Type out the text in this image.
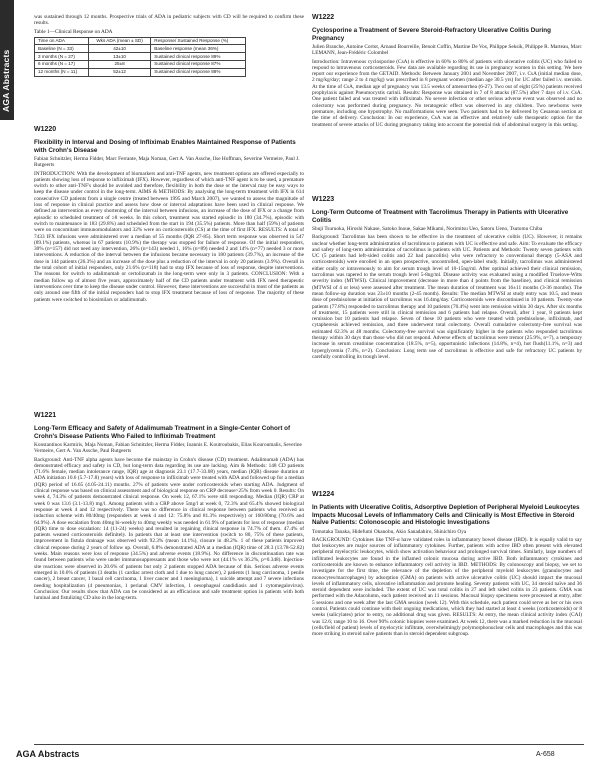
AGA Abstracts

was sustained through 12 months. Prospective trials of ADA in pediatric subjects with CD will be required to confirm these results.

Table 1—Clinical Response on ADA

Time on ADA	Wks ADA (mean ± SD)	Response/ Sustained Response (%)
Baseline (N = 33)	42±10	Baseline response (mean 36%)
3 months (N = 27)	13±10	Sustained clinical response 89%
6 months (N = 17)	25±8	Sustained clinical response 87%
12 months (N = 11)	52±12	Sustained clinical response 88%

W1220

Flexibility in Interval and Dosing of Infliximab Enables Maintained Response of Patients with Crohn's Disease

Fabian Schnitzler, Herma Fidder, Marc Ferrante, Maja Noman, Gert A. Van Assche, Ilse Hoffman, Severine Vermeire, Paul J. Rutgeerts

INTRODUCTION: With the development of biomarkers and anti-TNF agents, new treatment options are offered especially to patients showing loss of response to infliximab (IFX). However, regardless of which anti-TNF agent is to be used, a premature switch to other anti-TNF's should be avoided and therefore, flexibility in both the dose or the interval may be easy ways to keep the disease under control in the long-term. AIMS & METHODS: By analysing the long-term treatment with IFX in 614 consecutive CD patients from a single centre (treated between 1995 and March 2007), we wanted to assess the magnitude of loss of response in clinical practice and assess how dose or interval adaptations have been used in clinical response. We defined an intervention as every shortening of the interval between infusions, an increase of the dose of IFX or a change from episodic to scheduled treatment of ≥8 weeks. In this cohort, treatment was started episodic in 180 (34.7%), episodic with switch to maintenance in 183 (29.8%) and scheduled from the start in 194 (35.5%) patients. More than half (59%) of patients were on concomitant immunomodulators and 32% were on corticosteroids (CS) at the time of first IFX. RESULTS: A total of 7433 IFX infusions were administered over a median of 55 months (IQR 27-85). Short term response was observed in 547 (89.1%) patients, whereas in 67 patients (10.9%) the therapy was stopped for failure of response. Of the initial responders, 30% (n=157) did not need any intervention, 26% (n=143) needed 1, 16% (n=89) needed 2 and 14% (n=77) needed 3 or more interventions. A reduction of the interval between the infusions became necessary in 180 patients (39.7%), an increase of the dose in 144 patients (26.3%) and an increase of the dose plus a reduction of the interval in only 20 patients (3.9%). Overall in the total cohort of initial responders, only 21.6% (n=118) had to stop IFX because of loss of response, despite interventions. The reasons for switch to adalimumab or certolizumab in the long-term were only in 3 patients. CONCLUSION: With a median follow up of almost five years, approximately half of the CD patients under treatment with IFX need therapeutic interventions over time to keep the disease under control. However, these interventions are successful in most of the patients as only around one fifth of the initial responders had to stop IFX treatment because of loss of response. The majority of these patients were switched to biosimilars or adalimumab.

W1221

Long-Term Efficacy and Safety of Adalimumab Treatment in a Single-Center Cohort of Crohn's Disease Patients Who Failed to Infliximab Treatment

Konstantinos Karmiris, Maja Noman, Fabian Schnitzler, Herma Fidder, Ioannis E. Koutroubakis, Elias Kouroumalis, Severine Vermeire, Gert A. Van Assche, Paul Rutgeerts

Background: Anti-TNF alpha agents have become the mainstay in Crohn's disease (CD) treatment. Adalimumab (ADA) has demonstrated efficacy and safety in CD, but long-term data regarding its use are lacking. Aim & Methods: 148 CD patients (71.6% female, median intolerance range, IQR) age at diagnosis 23.1 (17.7-33.08) years, median (IQR) disease duration at ADA initiation 10.6 (5.7-17.8) years) with loss of response to infliximab were treated with ADA and followed up for a median (IQR) period of 16.65 (4.05-24.11) months. 27% of patients were under corticosteroids when starting ADA. Judgment of clinical response was based on clinical assessment and of biological response on CRP decrease>25% from week 0. Results: On week 4, 74.3% of patients demonstrated clinical response. On week 12, 67.1% were still responding. Median (IQR) CRP at week 0 was 13.6 (3.1-13.8) mg/l. Among patients with a CRP above 5mg/l at week 0, 72.3% and 65.4% showed biological response at week 4 and 12 respectively. There was no difference in clinical response between patients who received an induction scheme with 80/40mg (responders at week 4 and 12: 75.8% and 81.3% respectively) or 160/80mg (70.6% and 64.9%). A dose escalation from 40mg bi-weekly to 40mg weekly was needed in 61.9% of patients for loss of response (median (IQR) time to dose escalation: 14 (11-24) weeks) and resulted in regaining clinical response in 74.7% of them. 47.4% of patients weaned corticosteroids definitely. In patients that at least one intervention (switch to 80, 75% of these patients, improvement in fistula drainage was observed with 92.3% (mean 14.1%), closure in 48.2%. 1 of these patients improved clinical response during 2 years of follow up. Overall, 6.8% demonstrated ADA at a median (IQR) time of 28.3 (13.78-52.82) weeks. Main reasons were loss of response (34.5%) and adverse events (18.9%). No difference in discontinuation rate was found between patients who were under immunosuppressants and those who were not (44.1% vs 36.2%, p=0.348). Injection-site reactions were observed in 20.6% of patients but only 2 patients stopped ADA because of this. Serious adverse events emerged in 10.6% of patients (3 deaths (1 cardiac arrest cloth and 1 due to lung cancer), 2 patients (1 lung carcinoma, 1 penile cancer), 2 breast cancer, 1 basal cell carcinoma, 1 liver cancer and 1 meningioma), 1 suicide attempt and 7 severe infections needing hospitalization (4 pneumonias, 1 perianal CMV infection, 1 oesophageal candidiasis and 1 cytomegalovirus). Conclusion: Our results show that ADA can be considered as an efficacious and safe treatment option in patients with both luminal and fistulizing CD also in the long-term.

W1222

Cyclosporine a Treatment of Severe Steroid-Refractory Ulcerative Colitis During Pregnancy

Julien Branche, Antoine Cortot, Arnaud Bourreille, Benoit Coffin, Martine De Vos, Philippe Seksik, Philippe R. Marteau, Marc LEMANN, Jean-Frédéric Colombel

Introduction: Intravenous cyclosporine (CsA) is effective in 60% to 80% of patients with ulcerative colitis (UC) who failed to respond to intravenous corticosteroids. Few data are available regarding its use in pregnancy women in this setting. We here report our experience from the GETAID. Methods: Between January 2001 and November 2007, i.v. CsA (initial median dose, 2 mg/kg/day; range 2 to 4 mg/kg) was prescribed in 8 pregnant women (median age 30.5 yrs) for UC after failed i.v. steroids. At the time of CsA, median age of pregnancy was 13.5 weeks of amenorrhea (6-27). Two out of eight (25%) patients received prophylaxis against Pneumocystis carinii. Results: Response was obtained in 7 of 8 attacks (87.5%) after 7 days of i.v. CsA. One patient failed and was treated with infliximab. No severe infection or other serious adverse event was observed and no colectomy was performed during pregnancy. No teratogenic effect was observed in any children. Two newborns were premature, including one hypotrophy. No malformations were seen. Two patients had to be delivered by Cesarean section at the time of delivery. Conclusion: In our experience, CsA was an effective and relatively safe therapeutic option for the treatment of severe attacks of UC during pregnancy taking into account the potential risk of abdominal surgery in this setting.

W1223

Long-Term Outcome of Treatment with Tacrolimus Therapy in Patients with Ulcerative Colitis

Shuji Tsuruoka, Hiroshi Nakase, Satoko Inoue, Sakae Mikami, Norimitsu Ueo, Satoru Ueno, Tsutomu Chiba

Background: Tacrolimus has been shown to be effective in the treatment of ulcerative colitis (UC). However, it remains unclear whether long-term administration of tacrolimus to patients with UC is effective and safe. Aim: To evaluate the efficacy and safety of long-term administration of tacrolimus in patients with UC. Patients and Methods: Twenty seven patients with UC (5 patients had left-sided colitis and 22 had pancolitis) who were refractory to conventional therapy (5-ASA and corticosteroids) were enrolled in an open prospective, uncontrolled, open-label study. Initially, tacrolimus was administered either orally or intravenously to aim for serum trough level of 10-15ng/ml. After optimal achieved their clinical remission, tacrolimus was tapered to the serum trough level 5-8ng/ml. Disease activity was evaluated using a modified Truelove-Witts severity index (MTWSI). Clinical improvement (decrease in more than 4 points from the baseline), and clinical remission (MTWSI of 4 or less) were assessed after treatment. The mean duration of treatment was 16±11 months (3-36 months). The mean follow-up duration was 23±10 months (2-45 month). Results: The median MTWSI at study entry was 10.5, and mean dose of prednisolone at initiation of tacrolimus was 16.4mg/day. Corticosteroids were discontinued in 10 patients. Twenty-one patients (77.8%) responded to tacrolimus therapy and 10 patients (70.4%) went into remission within 30 days. After six months of treatment, 15 patients were still in clinical remission and 6 patients had relapse. Overall, after 1 year, 8 patients kept remission but 10 patients had relapse. Seven of these 10 patients who were treated with prednisolone, infliximab, and cytapheresis achieved remission, and three underwent total colectomy. Overall cumulative colectomy-free survival was estimated 62.3% at 48 months. Colectomy-free survival was significantly higher in the patients who responded tacrolimus therapy within 30 days than those who did not respond. Adverse effects of tacrolimus were tremor (25.9%, n=7), a temporary increase in serum creatinine concentration (18.5%, n=5), opportunistic infections (14.8%, n=4), hot flush(11.1%, n=3) and hyperglycemia (7.4%, n=2). Conclusion: Long term use of tacrolimus is effective and safe for refractory UC patients by carefully controlling its trough level.

W1224

In Patients with Ulcerative Colitis, Adsorptive Depletion of Peripheral Myeloid Leukocytes Impacts Mucosal Levels of Inflammatory Cells and Clinically is Most Effective in Steroid Naïve Patients: Colonoscopic and Histologic Investigations

Tomotaka Tanaka, Hidefumi Okanobu, Akio Sanadahiro, Shinichiro Oya

BACKGROUND: Cytokines like TNF-α have validated roles in inflammatory bowel disease (IBD). It is equally valid to say that leukocytes are major sources of inflammatory cytokines. Further, patients with active IBD often present with elevated peripheral myelocytic leukocytes, which show activation behaviour and prolonged survival times. Similarly, large numbers of infiltrated leukocytes are found in the inflamed colonic mucosa during active IBD. Both inflammatory cytokines and corticosteroids are known to enhance inflammatory cell activity in IBD. METHODS: By colonoscopy and biopsy, we set to investigate for the first time, the relevance of the depletion of the peripheral myeloid leukocytes (granulocytes and monocytes/macrophages) by adsorption (GMA) on patients with active ulcerative colitis (UC) should impact the mucosal levels of inflammatory cells, ulcerative inflammation and promote healing. Seventy patients with UC, 34 steroid naïve and 36 steroid dependent were included. The extent of UC was total colitis in 27 and left sided colitis in 23 patients. GMA was performed with the Adacolumn, each patient received an 11 sessions. Mucosal biopsy specimens were processed at entry, after 5 sessions and one week after the last GMA session (week 12). With this schedule, each patient could serve as her or his own control. Patients could continue with their ongoing medications, which they had started at least 4 weeks (corticosteroids) or 8 weeks (salicylates) prior to entry, no additional drug was given. RESULTS: At entry, the mean clinical activity index (CAI) was 12.6; range 10 to 16. Over 90% colonic biopsies were examined. At week 12, there was a marked reduction in the mucosal (cells/field of patient) levels of myelocytic infiltrate, overwhelmingly polymorphonuclear cells and macrophages and this was more striking in steroid naïve patients than in steroid dependent subgroup.

AGA Abstracts	A-658
